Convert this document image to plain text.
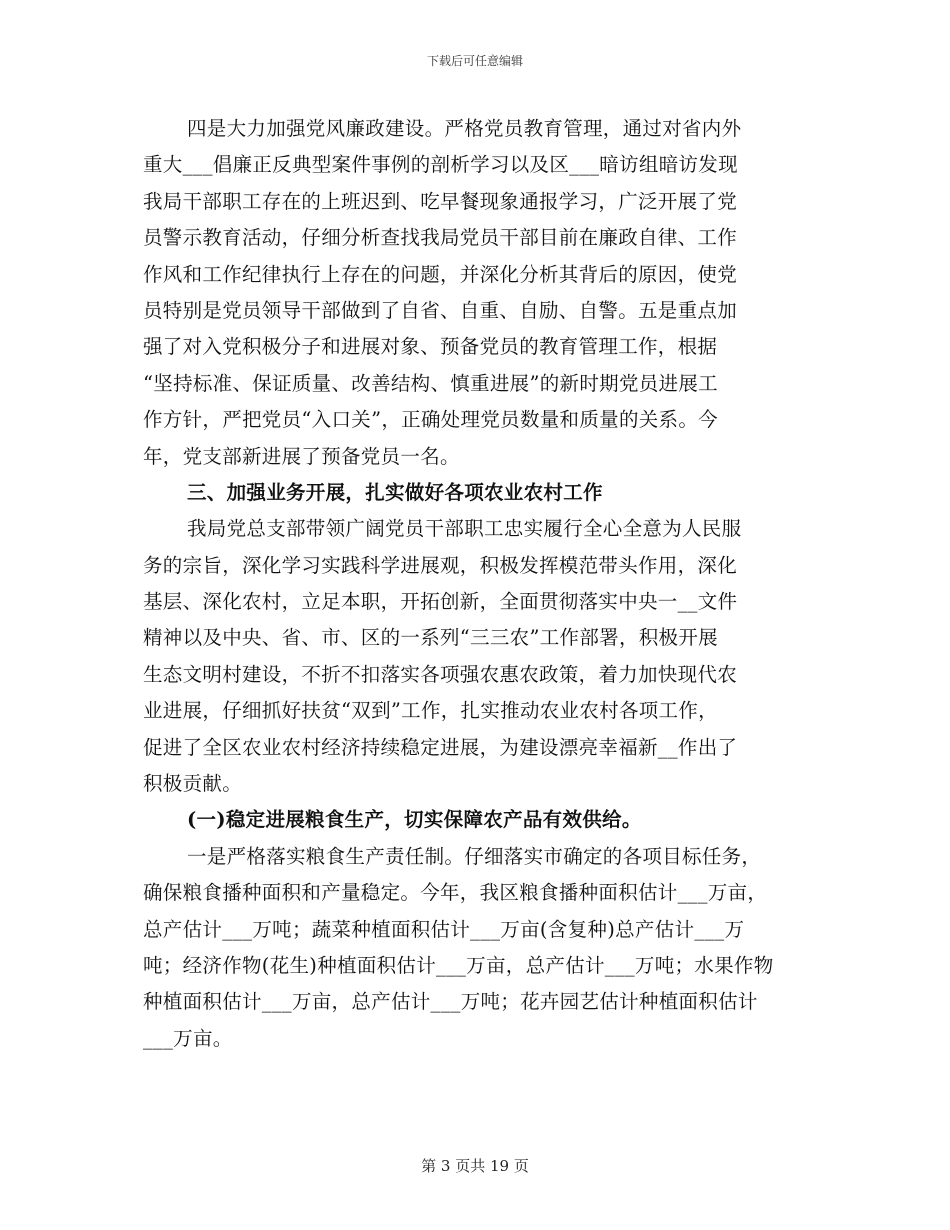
下载后可任意编辑
四是大力加强党风廉政建设。严格党员教育管理，通过对省内外
重大___倡廉正反典型案件事例的剖析学习以及区___暗访组暗访发现
我局干部职工存在的上班迟到、吃早餐现象通报学习，广泛开展了党
员警示教育活动，仔细分析查找我局党员干部目前在廉政自律、工作
作风和工作纪律执行上存在的问题，并深化分析其背后的原因，使党
员特别是党员领导干部做到了自省、自重、自励、自警。五是重点加
强了对入党积极分子和进展对象、预备党员的教育管理工作，根据
“坚持标准、保证质量、改善结构、慎重进展”的新时期党员进展工
作方针，严把党员“入口关”，正确处理党员数量和质量的关系。今
年，党支部新进展了预备党员一名。
三、加强业务开展，扎实做好各项农业农村工作
我局党总支部带领广阔党员干部职工忠实履行全心全意为人民服
务的宗旨，深化学习实践科学进展观，积极发挥模范带头作用，深化
基层、深化农村，立足本职，开拓创新，全面贯彻落实中央一__文件
精神以及中央、省、市、区的一系列“三三农”工作部署，积极开展
生态文明村建设，不折不扣落实各项强农惠农政策，着力加快现代农
业进展，仔细抓好扶贫“双到”工作，扎实推动农业农村各项工作，
促进了全区农业农村经济持续稳定进展，为建设漂亮幸福新__作出了
积极贡献。
(一)稳定进展粮食生产，切实保障农产品有效供给。
一是严格落实粮食生产责任制。仔细落实市确定的各项目标任务，
确保粮食播种面积和产量稳定。今年，我区粮食播种面积估计___万亩，
总产估计___万吨；蔬菜种植面积估计___万亩(含复种)总产估计___万
吨；经济作物(花生)种植面积估计___万亩，总产估计___万吨；水果作物
种植面积估计___万亩，总产估计___万吨；花卉园艺估计种植面积估计
___万亩。
第 3 页共 19 页
